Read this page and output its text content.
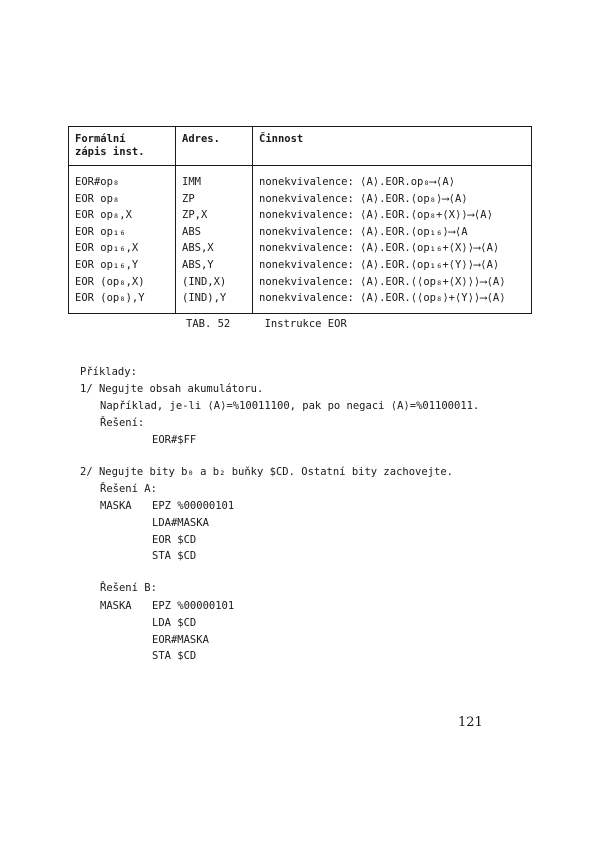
Formální
zápis inst.	Adres.	Činnost
EOR#op₈	IMM	nonekvivalence: ⟨A⟩.EOR.op₈⟶⟨A⟩
EOR op₈	ZP	nonekvivalence: ⟨A⟩.EOR.⟨op₈⟩⟶⟨A⟩
EOR op₈,X	ZP,X	nonekvivalence: ⟨A⟩.EOR.⟨op₈+⟨X⟩⟩⟶⟨A⟩
EOR op₁₆	ABS	nonekvivalence: ⟨A⟩.EOR.⟨op₁₆⟩⟶⟨A
EOR op₁₆,X	ABS,X	nonekvivalence: ⟨A⟩.EOR.⟨op₁₆+⟨X⟩⟩⟶⟨A⟩
EOR op₁₆,Y	ABS,Y	nonekvivalence: ⟨A⟩.EOR.⟨op₁₆+⟨Y⟩⟩⟶⟨A⟩
EOR (op₈,X)	(IND,X)	nonekvivalence: ⟨A⟩.EOR.⟨⟨op₈+⟨X⟩⟩⟩⟶⟨A⟩
EOR (op₈),Y	(IND),Y	nonekvivalence: ⟨A⟩.EOR.⟨⟨op₈⟩+⟨Y⟩⟩⟶⟨A⟩
TAB. 52	Instrukce EOR
Příklady:
1/ Negujte obsah akumulátoru.
Například, je-li ⟨A⟩=%10011100, pak po negaci ⟨A⟩=%01100011.
Řešení:
EOR#$FF
2/ Negujte bity b₀ a b₂ buňky $CD. Ostatní bity zachovejte.
Řešení A:
MASKA EPZ %00000101
LDA#MASKA
EOR $CD
STA $CD
Řešení B:
MASKA EPZ %00000101
LDA $CD
EOR#MASKA
STA $CD
121
